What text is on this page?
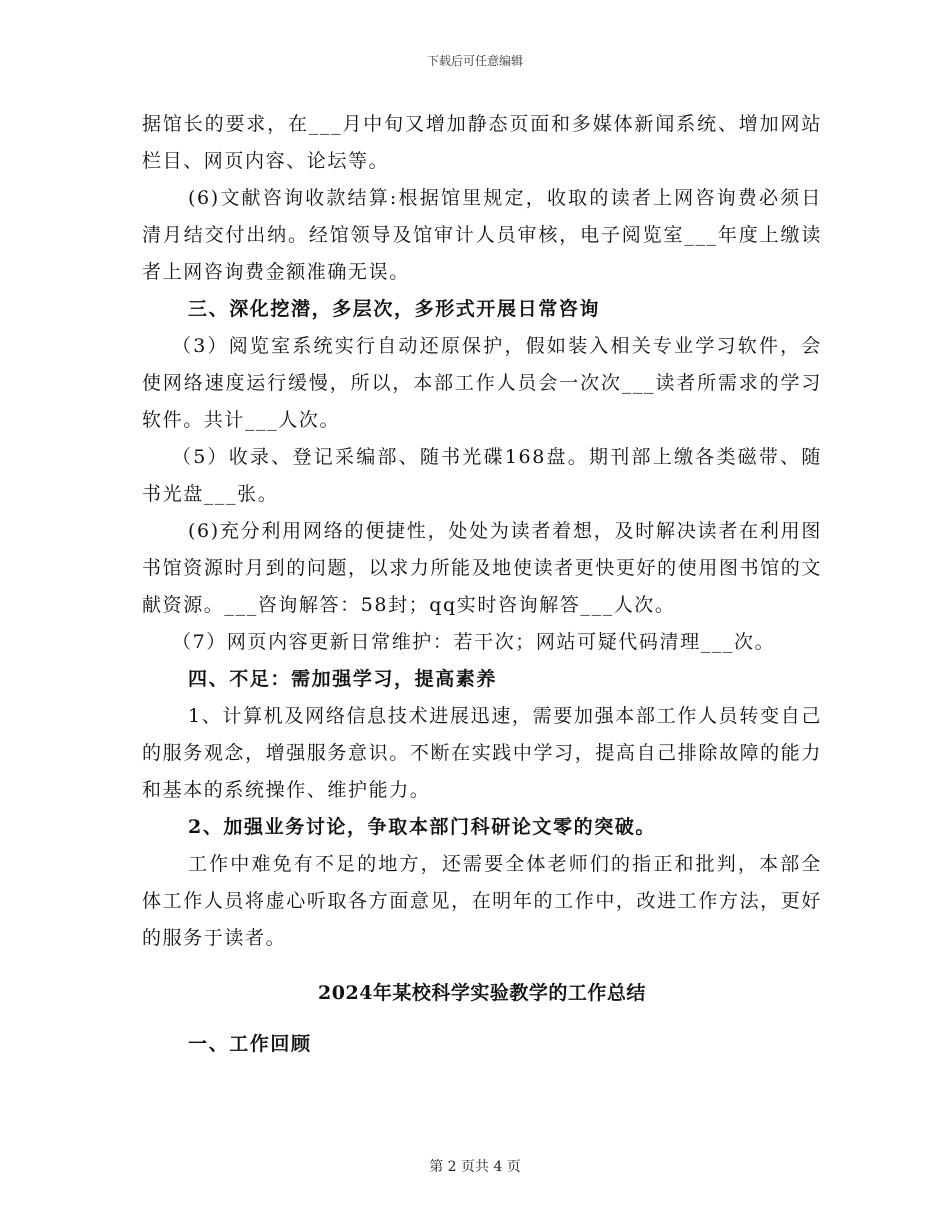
下载后可任意编辑

据馆长的要求，在___月中旬又增加静态页面和多媒体新闻系统、增加网站栏目、网页内容、论坛等。

(6)文献咨询收款结算:根据馆里规定，收取的读者上网咨询费必须日清月结交付出纳。经馆领导及馆审计人员审核，电子阅览室___年度上缴读者上网咨询费金额准确无误。

三、深化挖潜，多层次，多形式开展日常咨询

（3）阅览室系统实行自动还原保护，假如装入相关专业学习软件，会使网络速度运行缓慢，所以，本部工作人员会一次次___读者所需求的学习软件。共计___人次。

（5）收录、登记采编部、随书光碟168盘。期刊部上缴各类磁带、随书光盘___张。

(6)充分利用网络的便捷性，处处为读者着想，及时解决读者在利用图书馆资源时月到的问题，以求力所能及地使读者更快更好的使用图书馆的文献资源。___咨询解答：58封；qq实时咨询解答___人次。

（7）网页内容更新日常维护：若干次；网站可疑代码清理___次。

四、不足：需加强学习，提高素养

1、计算机及网络信息技术进展迅速，需要加强本部工作人员转变自己的服务观念，增强服务意识。不断在实践中学习，提高自己排除故障的能力和基本的系统操作、维护能力。

2、加强业务讨论，争取本部门科研论文零的突破。

工作中难免有不足的地方，还需要全体老师们的指正和批判，本部全体工作人员将虚心听取各方面意见，在明年的工作中，改进工作方法，更好的服务于读者。

2024年某校科学实验教学的工作总结

一、工作回顾

第 2 页共 4 页
